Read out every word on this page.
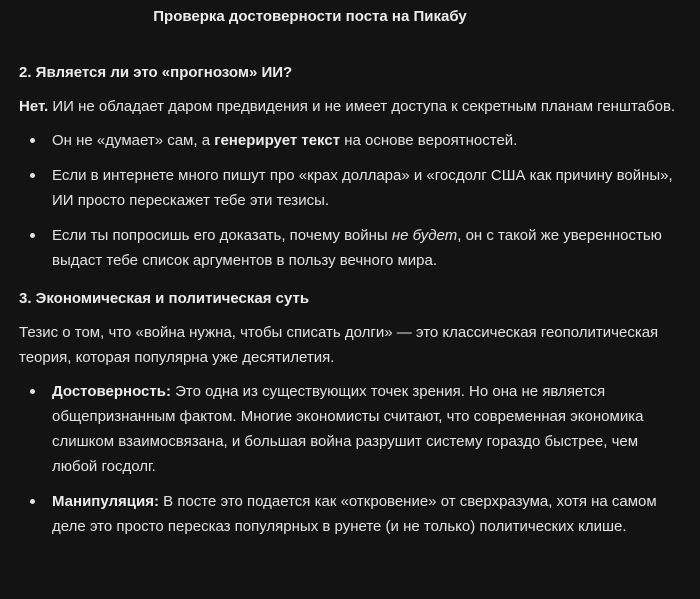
Проверка достоверности поста на Пикабу
2. Является ли это «прогнозом» ИИ?

Нет. ИИ не обладает даром предвидения и не имеет доступа к секретным планам генштабов.

Он не «думает» сам, а генерирует текст на основе вероятностей.
Если в интернете много пишут про «крах доллара» и «госдолг США как причину войны», ИИ просто перескажет тебе эти тезисы.
Если ты попросишь его доказать, почему войны не будет, он с такой же уверенностью выдаст тебе список аргументов в пользу вечного мира.
3. Экономическая и политическая суть

Тезис о том, что «война нужна, чтобы списать долги» — это классическая геополитическая теория, которая популярна уже десятилетия.

Достоверность: Это одна из существующих точек зрения. Но она не является общепризнанным фактом. Многие экономисты считают, что современная экономика слишком взаимосвязана, и большая война разрушит систему гораздо быстрее, чем любой госдолг.
Манипуляция: В посте это подается как «откровение» от сверхразума, хотя на самом деле это просто пересказ популярных в рунете (и не только) политических клише.
